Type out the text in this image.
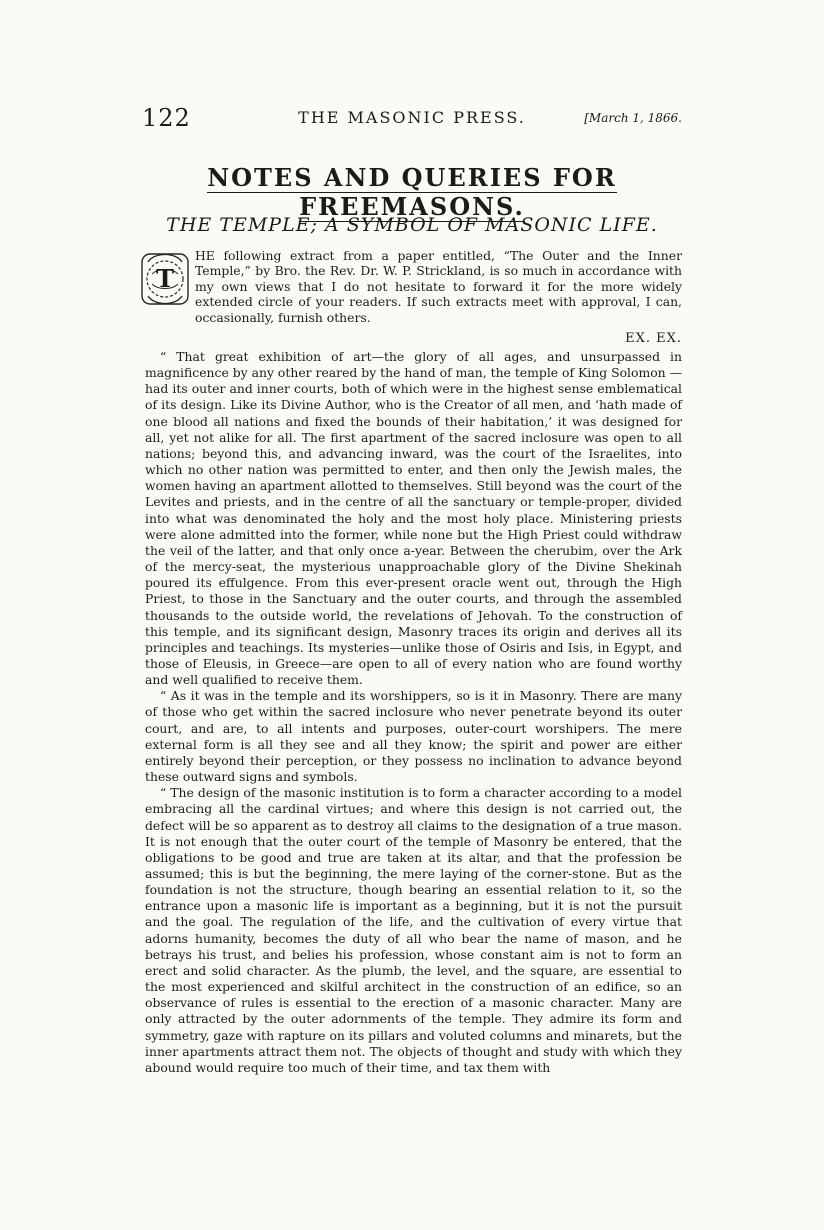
122	THE MASONIC PRESS.	[March 1, 1866.
NOTES AND QUERIES FOR FREEMASONS.
THE TEMPLE; A SYMBOL OF MASONIC LIFE.
T

HE following extract from a paper entitled, “The Outer and the Inner Temple,” by Bro. the Rev. Dr. W. P. Strickland, is so much in accordance with my own views that I do not hesitate to forward it for the more widely extended circle of your readers. If such extracts meet with approval, I can, occasionally, furnish others.

EX. EX.

“ That great exhibition of art—the glory of all ages, and unsurpassed in magnificence by any other reared by the hand of man, the temple of King Solomon —had its outer and inner courts, both of which were in the highest sense emblematical of its design. Like its Divine Author, who is the Creator of all men, and ‘hath made of one blood all nations and fixed the bounds of their habitation,’ it was designed for all, yet not alike for all. The first apartment of the sacred inclosure was open to all nations; beyond this, and advancing inward, was the court of the Israelites, into which no other nation was permitted to enter, and then only the Jewish males, the women having an apartment allotted to themselves. Still beyond was the court of the Levites and priests, and in the centre of all the sanctuary or temple-proper, divided into what was denominated the holy and the most holy place. Ministering priests were alone admitted into the former, while none but the High Priest could withdraw the veil of the latter, and that only once a-year. Between the cherubim, over the Ark of the mercy-seat, the mysterious unapproachable glory of the Divine Shekinah poured its effulgence. From this ever-present oracle went out, through the High Priest, to those in the Sanctuary and the outer courts, and through the assembled thousands to the outside world, the revelations of Jehovah. To the construction of this temple, and its significant design, Masonry traces its origin and derives all its principles and teachings. Its mysteries—unlike those of Osiris and Isis, in Egypt, and those of Eleusis, in Greece—are open to all of every nation who are found worthy and well qualified to receive them.

“ As it was in the temple and its worshippers, so is it in Masonry. There are many of those who get within the sacred inclosure who never penetrate beyond its outer court, and are, to all intents and purposes, outer-court worshipers. The mere external form is all they see and all they know; the spirit and power are either entirely beyond their perception, or they possess no inclination to advance beyond these outward signs and symbols.

“ The design of the masonic institution is to form a character according to a model embracing all the cardinal virtues; and where this design is not carried out, the defect will be so apparent as to destroy all claims to the designation of a true mason. It is not enough that the outer court of the temple of Masonry be entered, that the obligations to be good and true are taken at its altar, and that the profession be assumed; this is but the beginning, the mere laying of the corner-stone. But as the foundation is not the structure, though bearing an essential relation to it, so the entrance upon a masonic life is important as a beginning, but it is not the pursuit and the goal. The regulation of the life, and the cultivation of every virtue that adorns humanity, becomes the duty of all who bear the name of mason, and he betrays his trust, and belies his profession, whose constant aim is not to form an erect and solid character. As the plumb, the level, and the square, are essential to the most experienced and skilful architect in the construction of an edifice, so an observance of rules is essential to the erection of a masonic character. Many are only attracted by the outer adornments of the temple. They admire its form and symmetry, gaze with rapture on its pillars and voluted columns and minarets, but the inner apartments attract them not. The objects of thought and study with which they abound would require too much of their time, and tax them with
